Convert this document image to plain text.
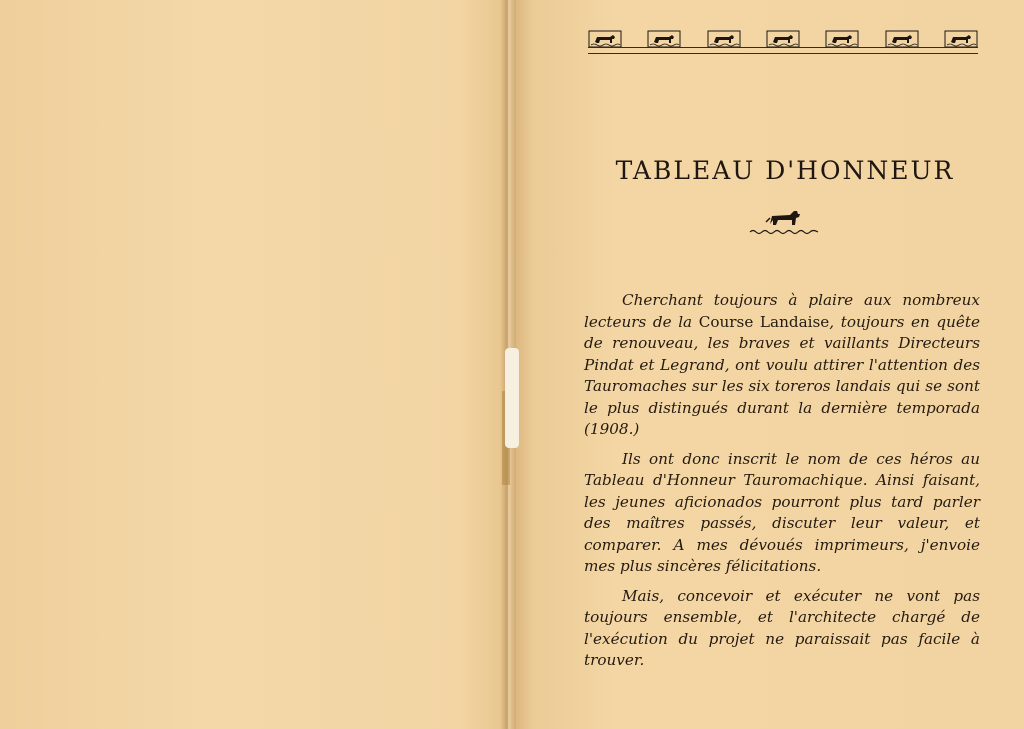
TABLEAU D'HONNEUR

Cherchant toujours à plaire aux nombreux lecteurs de la Course Landaise, toujours en quête de renouveau, les braves et vaillants Directeurs Pindat et Legrand, ont voulu attirer l'attention des Tauromaches sur les six toreros landais qui se sont le plus distingués durant la dernière temporada (1908.)

Ils ont donc inscrit le nom de ces héros au Tableau d'Honneur Tauromachique. Ainsi faisant, les jeunes aficionados pourront plus tard parler des maîtres passés, discuter leur valeur, et comparer. A mes dévoués imprimeurs, j'envoie mes plus sincères félicitations.

Mais, concevoir et exécuter ne vont pas toujours ensemble, et l'architecte chargé de l'exécution du projet ne paraissait pas facile à trouver.
